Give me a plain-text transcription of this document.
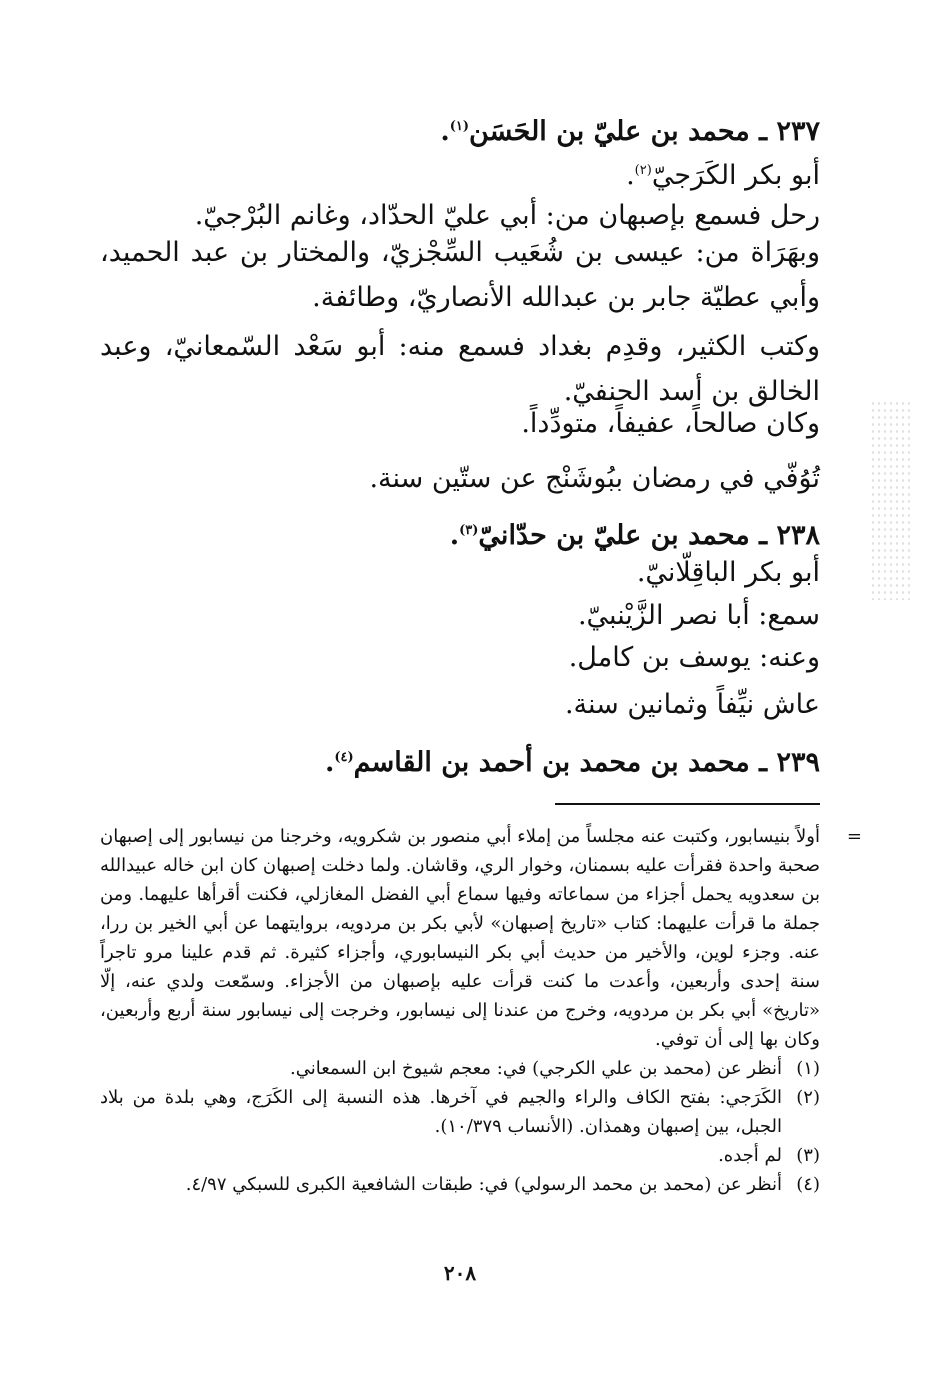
٢٣٧ ـ محمد بن عليّ بن الحَسَن$^{(١)}$.
أبو بكر الكَرَجيّ$^{(٢)}$.
رحل فسمع بإصبهان من: أبي عليّ الحدّاد، وغانم البُرْجيّ.
وبهَرَاة من: عيسى بن شُعَيب السِّجْزيّ، والمختار بن عبد الحميد، وأبي عطيّة جابر بن عبدالله الأنصاريّ، وطائفة.
وكتب الكثير، وقدِم بغداد فسمع منه: أبو سَعْد السّمعانيّ، وعبد الخالق بن أسد الحنفيّ.
وكان صالحاً، عفيفاً، متودِّداً.
تُوُفّي في رمضان ببُوشَنْج عن ستّين سنة.
٢٣٨ ـ محمد بن عليّ بن حدّانيّ$^{(٣)}$.
أبو بكر الباقِلّانيّ.
سمع: أبا نصر الزَّيْنبيّ.
وعنه: يوسف بن كامل.
عاش نيِّفاً وثمانين سنة.
٢٣٩ ـ محمد بن محمد بن أحمد بن القاسم$^{(٤)}$.
=
أولاً بنيسابور، وكتبت عنه مجلساً من إملاء أبي منصور بن شكرويه، وخرجنا من نيسابور إلى إصبهان صحبة واحدة فقرأت عليه بسمنان، وخوار الري، وقاشان. ولما دخلت إصبهان كان ابن خاله عبيدالله بن سعدويه يحمل أجزاء من سماعاته وفيها سماع أبي الفضل المغازلي، فكنت أقرأها عليهما. ومن جملة ما قرأت عليهما: كتاب «تاريخ إصبهان» لأبي بكر بن مردويه، بروايتهما عن أبي الخير بن ررا، عنه. وجزء لوين، والأخير من حديث أبي بكر النيسابوري، وأجزاء كثيرة. ثم قدم علينا مرو تاجراً سنة إحدى وأربعين، وأعدت ما كنت قرأت عليه بإصبهان من الأجزاء. وسمّعت ولدي عنه، إلّا «تاريخ» أبي بكر بن مردويه، وخرج من عندنا إلى نيسابور، وخرجت إلى نيسابور سنة أربع وأربعين، وكان بها إلى أن توفي.
(١)
أنظر عن (محمد بن علي الكرجي) في: معجم شيوخ ابن السمعاني.
(٢)
الكَرَجي: بفتح الكاف والراء والجيم في آخرها. هذه النسبة إلى الكَرَج، وهي بلدة من بلاد الجبل، بين إصبهان وهمذان. (الأنساب ١٠/٣٧٩).
(٣)
لم أجده.
(٤)
أنظر عن (محمد بن محمد الرسولي) في: طبقات الشافعية الكبرى للسبكي ٤/٩٧.
٢٠٨
